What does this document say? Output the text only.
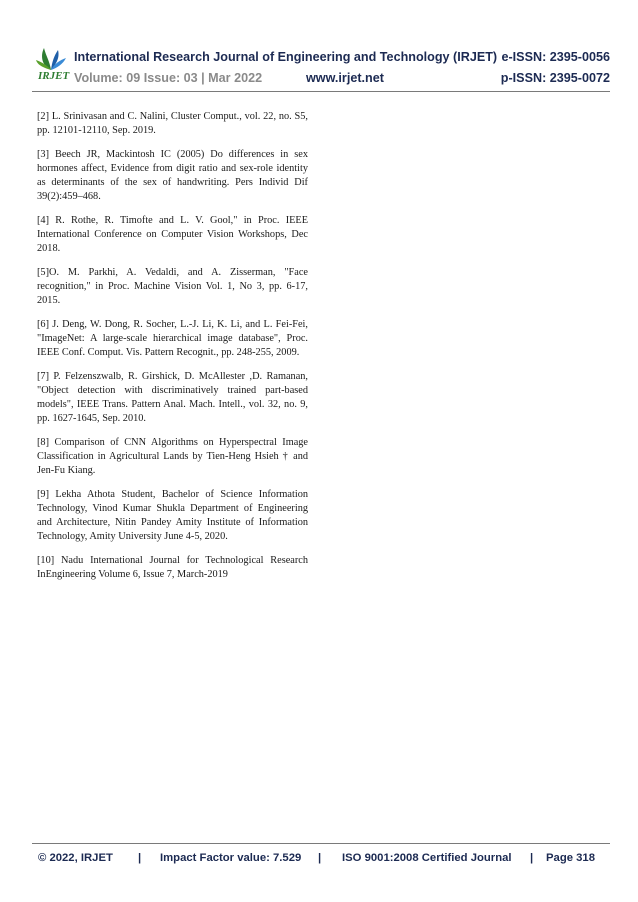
IRJET
International Research Journal of Engineering and Technology (IRJET) e-ISSN: 2395-0056
Volume: 09 Issue: 03 | Mar 2022	www.irjet.net	p-ISSN: 2395-0072

[2] L. Srinivasan and C. Nalini, Cluster Comput., vol. 22, no. S5, pp. 12101-12110, Sep. 2019.

[3] Beech JR, Mackintosh IC (2005) Do differences in sex hormones affect, Evidence from digit ratio and sex-role identity as determinants of the sex of handwriting. Pers Individ Dif 39(2):459–468.

[4] R. Rothe, R. Timofte and L. V. Gool," in Proc. IEEE International Conference on Computer Vision Workshops, Dec 2018.

[5]O. M. Parkhi, A. Vedaldi, and A. Zisserman, "Face recognition," in Proc. Machine Vision Vol. 1, No 3, pp. 6-17, 2015.

[6] J. Deng, W. Dong, R. Socher, L.-J. Li, K. Li, and L. Fei-Fei, "ImageNet: A large-scale hierarchical image database", Proc. IEEE Conf. Comput. Vis. Pattern Recognit., pp. 248-255, 2009.

[7] P. Felzenszwalb, R. Girshick, D. McAllester ,D. Ramanan, "Object detection with discriminatively trained part-based models", IEEE Trans. Pattern Anal. Mach. Intell., vol. 32, no. 9, pp. 1627-1645, Sep. 2010.

[8] Comparison of CNN Algorithms on Hyperspectral Image Classification in Agricultural Lands by Tien-Heng Hsieh † and Jen-Fu Kiang.

[9] Lekha Athota Student, Bachelor of Science Information Technology, Vinod Kumar Shukla Department of Engineering and Architecture, Nitin Pandey Amity Institute of Information Technology, Amity University June 4-5, 2020.

[10] Nadu International Journal for Technological Research InEngineering Volume 6, Issue 7, March-2019

© 2022, IRJET | Impact Factor value: 7.529 | ISO 9001:2008 Certified Journal | Page 318
